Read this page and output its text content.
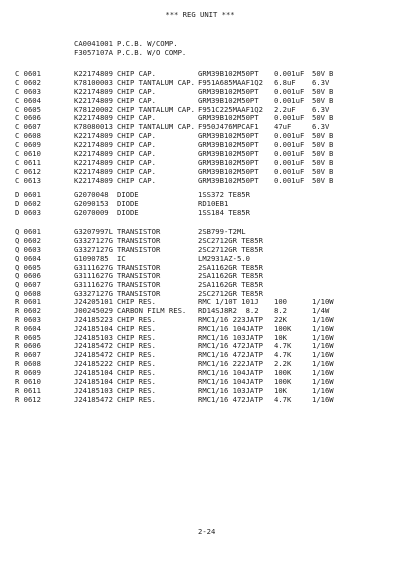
*** REG UNIT ***

CA0041001

P.C.B. W/COMP.

F3057107A

P.C.B. W/O COMP.

C 0601	K22174809 CHIP CAP.	GRM39B102M50PT 0.001uF 50V B
C 0602	K78100003 CHIP TANTALUM CAP. F951A685MAAF1Q2 6.8uF 6.3V
C 0603	K22174809 CHIP CAP.	GRM39B102M50PT 0.001uF 50V B
C 0604	K22174809 CHIP CAP.	GRM39B102M50PT 0.001uF 50V B
C 0605	K78120002 CHIP TANTALUM CAP. F951C225MAAF1Q2 2.2uF 6.3V
C 0606	K22174809 CHIP CAP.	GRM39B102M50PT 0.001uF 50V B
C 0607	K78080013 CHIP TANTALUM CAP. F950J476MPCAF1 47uF	6.3V
C 0608	K22174809 CHIP CAP.	GRM39B102M50PT 0.001uF 50V B
C 0609	K22174809 CHIP CAP.	GRM39B102M50PT 0.001uF 50V B
C 0610	K22174809 CHIP CAP.	GRM39B102M50PT 0.001uF 50V B
C 0611	K22174809 CHIP CAP.	GRM39B102M50PT 0.001uF 50V B
C 0612	K22174809 CHIP CAP.	GRM39B102M50PT 0.001uF 50V B
C 0613	K22174809 CHIP CAP.	GRM39B102M50PT 0.001uF 50V B
D 0601	G2070048 DIODE	1SS372 TE85R
D 0602	G2090153 DIODE	RD10EB1
D 0603	G2070009 DIODE	1SS184 TE85R
Q 0601	G3207997L TRANSISTOR	2SB799-T2ML
Q 0602	G3327127G TRANSISTOR	2SC2712GR TE85R
Q 0603	G3327127G TRANSISTOR	2SC2712GR TE85R
Q 0604	G1090785 IC	LM2931AZ-5.0
Q 0605	G3111627G TRANSISTOR	2SA1162GR TE85R
Q 0606	G3111627G TRANSISTOR	2SA1162GR TE85R
Q 0607	G3111627G TRANSISTOR	2SA1162GR TE85R
Q 0608	G3327127G TRANSISTOR	2SC2712GR TE85R
R 0601	J24205101 CHIP RES.	RMC 1/10T 101J 100	1/10W
R 0602	J00245029 CARBON FILM RES. RD14SJ8R2  8.2 8.2	1/4W
R 0603	J24185223 CHIP RES.	RMC1/16 223JATP 22K	1/16W
R 0604	J24185104 CHIP RES.	RMC1/16 104JATP 100K	1/16W
R 0605	J24185103 CHIP RES.	RMC1/16 103JATP 10K	1/16W
R 0606	J24185472 CHIP RES.	RMC1/16 472JATP 4.7K	1/16W
R 0607	J24185472 CHIP RES.	RMC1/16 472JATP 4.7K	1/16W
R 0608	J24185222 CHIP RES.	RMC1/16 222JATP 2.2K	1/16W
R 0609	J24185104 CHIP RES.	RMC1/16 104JATP 100K	1/16W
R 0610	J24185104 CHIP RES.	RMC1/16 104JATP 100K	1/16W
R 0611	J24185103 CHIP RES.	RMC1/16 103JATP 10K	1/16W
R 0612	J24185472 CHIP RES.	RMC1/16 472JATP 4.7K	1/16W
2-24
